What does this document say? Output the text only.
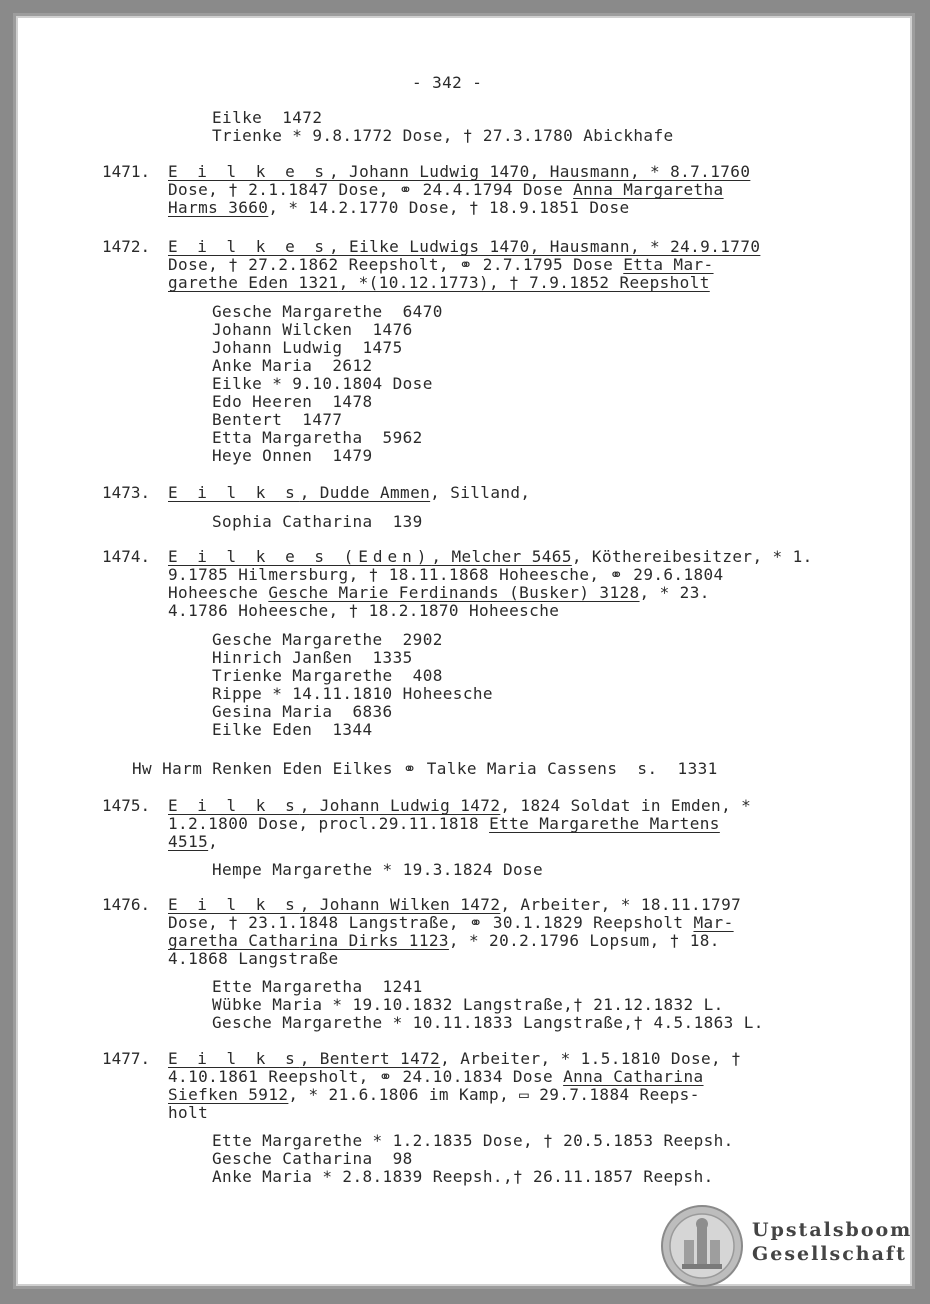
- 342 -
Eilke  1472
Trienke * 9.8.1772 Dose, † 27.3.1780 Abickhafe
1471. E i l k e s, Johann Ludwig 1470, Hausmann, * 8.7.1760
Dose, † 2.1.1847 Dose, ⚭ 24.4.1794 Dose Anna Margaretha
Harms 3660, * 14.2.1770 Dose, † 18.9.1851 Dose
1472. E i l k e s, Eilke Ludwigs 1470, Hausmann, * 24.9.1770
Dose, † 27.2.1862 Reepsholt, ⚭ 2.7.1795 Dose Etta Mar-
garethe Eden 1321, *(10.12.1773), † 7.9.1852 Reepsholt
Gesche Margarethe  6470
Johann Wilcken  1476
Johann Ludwig  1475
Anke Maria  2612
Eilke * 9.10.1804 Dose
Edo Heeren  1478
Bentert  1477
Etta Margaretha  5962
Heye Onnen  1479
1473. E i l k s, Dudde Ammen, Silland,
Sophia Catharina  139
1474. E i l k e s (Eden), Melcher 5465, Köthereibesitzer, * 1.
9.1785 Hilmersburg, † 18.11.1868 Hoheesche, ⚭ 29.6.1804
Hoheesche Gesche Marie Ferdinands (Busker) 3128, * 23.
4.1786 Hoheesche, † 18.2.1870 Hoheesche
Gesche Margarethe  2902
Hinrich Janßen  1335
Trienke Margarethe  408
Rippe * 14.11.1810 Hoheesche
Gesina Maria  6836
Eilke Eden  1344
Hw Harm Renken Eden Eilkes ⚭ Talke Maria Cassens  s.  1331
1475. E i l k s, Johann Ludwig 1472, 1824 Soldat in Emden, *
1.2.1800 Dose, procl.29.11.1818 Ette Margarethe Martens
4515,
Hempe Margarethe * 19.3.1824 Dose
1476. E i l k s, Johann Wilken 1472, Arbeiter, * 18.11.1797
Dose, † 23.1.1848 Langstraße, ⚭ 30.1.1829 Reepsholt Mar-
garetha Catharina Dirks 1123, * 20.2.1796 Lopsum, † 18.
4.1868 Langstraße
Ette Margaretha  1241
Wübke Maria * 19.10.1832 Langstraße,† 21.12.1832 L.
Gesche Margarethe * 10.11.1833 Langstraße,† 4.5.1863 L.
1477. E i l k s, Bentert 1472, Arbeiter, * 1.5.1810 Dose, †
4.10.1861 Reepsholt, ⚭ 24.10.1834 Dose Anna Catharina
Siefken 5912, * 21.6.1806 im Kamp, ▭ 29.7.1884 Reeps-
holt
Ette Margarethe * 1.2.1835 Dose, † 20.5.1853 Reepsh.
Gesche Catharina  98
Anke Maria * 2.8.1839 Reepsh.,† 26.11.1857 Reepsh.
Upstalsboom
Gesellschaft
